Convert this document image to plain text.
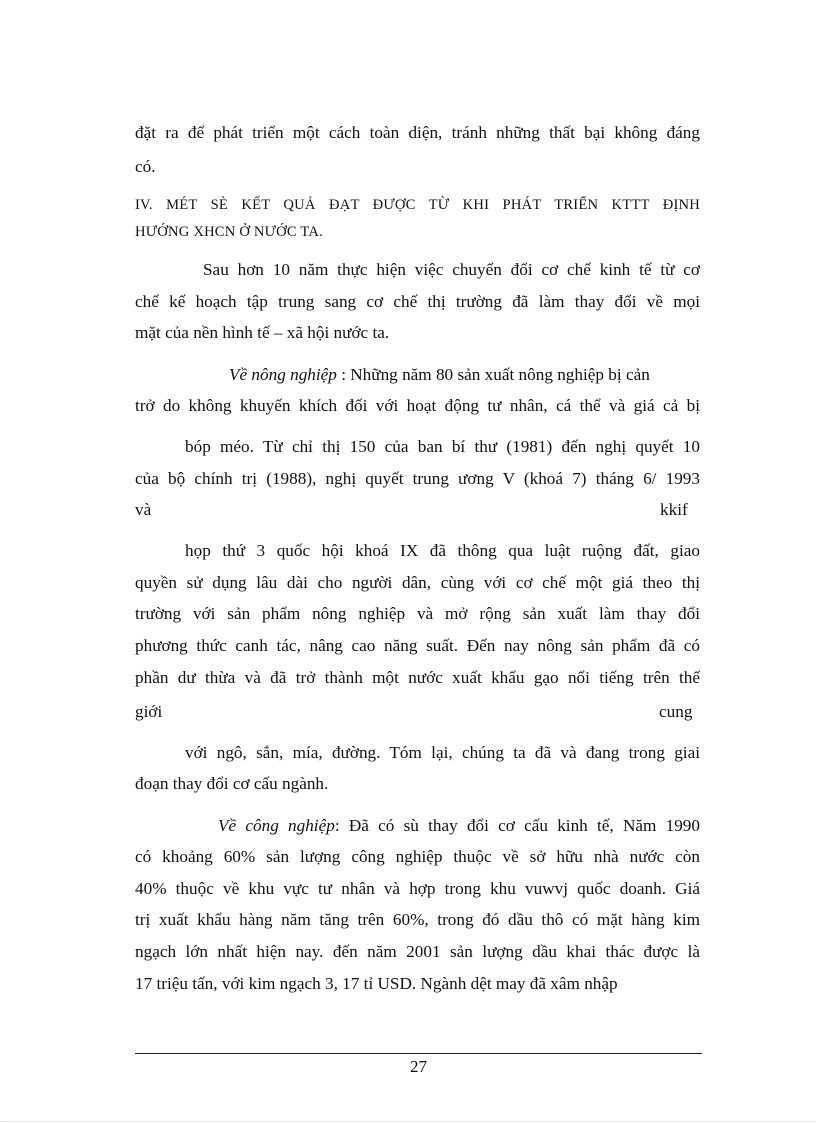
đặt ra để phát triển một cách toàn diện, tránh những thất bại không đáng
có.
IV. MÉT SÈ KẾT QUẢ ĐẠT ĐƯỢC TỪ KHI PHÁT TRIỂN KTTT ĐỊNH
HƯỚNG XHCN Ở NƯỚC TA.
Sau hơn 10 năm thực hiện việc chuyển đổi cơ chế kinh tế từ cơ
chế kế hoạch tập trung sang cơ chế thị trường đã làm thay đổi về mọi
mặt của nền hình tế – xã hội nước ta.
Về nông nghiệp : Những năm 80 sản xuất nông nghiệp bị cản
trở do không khuyến khích đối với hoạt động tư nhân, cá thể và giá cả bị
bóp méo. Từ chỉ thị 150 của ban bí thư (1981) đến nghị quyết 10
của bộ chính trị (1988), nghị quyết trung ương V (khoá 7) tháng 6/ 1993
và	kkif
họp thứ 3 quốc hội khoá IX đã thông qua luật ruộng đất, giao
quyền sử dụng lâu dài cho người dân, cùng với cơ chế một giá theo thị
trường với sản phẩm nông nghiệp và mở rộng sản xuất làm thay đổi
phương thức canh tác, nâng cao năng suất. Đến nay nông sản phẩm đã có
phần dư thừa và đã trở thành một nước xuất khẩu gạo nổi tiếng trên thế
giới	cung
với ngô, sắn, mía, đường. Tóm lại, chúng ta đã và đang trong giai
đoạn thay đổi cơ cấu ngành.
Về công nghiệp: Đã có sù thay đổi cơ cấu kinh tế, Năm 1990
có khoảng 60% sản lượng công nghiệp thuộc về sở hữu nhà nước còn
40% thuộc về khu vực tư nhân và hợp trong khu vuwvj quốc doanh. Giá
trị xuất khẩu hàng năm tăng trên 60%, trong đó dầu thô có mặt hàng kim
ngạch lớn nhất hiện nay. đến năm 2001 sản lượng dầu khai thác được là
17 triệu tấn, với kim ngạch 3, 17 tỉ USD. Ngành dệt may đã xâm nhập
27
